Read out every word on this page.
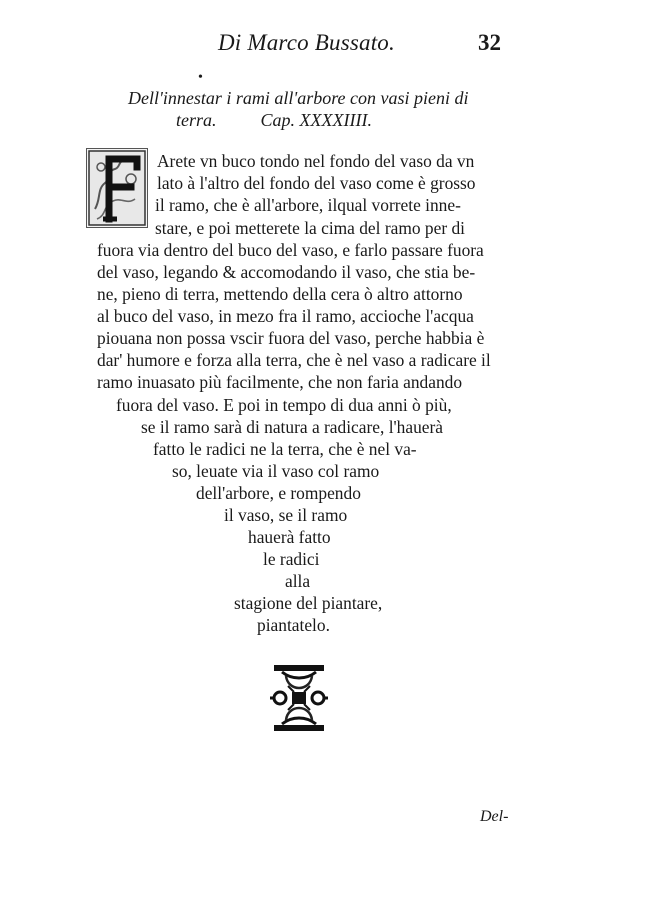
Di Marco Bussato.	32
•
Dell'innestar i rami all'arbore con vasi pieni di
terra. Cap. XXXXIIII.
Arete vn buco tondo nel fondo del vaso da vn
lato à l'altro del fondo del vaso come è grosso
il ramo, che è all'arbore, ilqual vorrete inne-
stare, e poi metterete la cima del ramo per di
fuora via dentro del buco del vaso, e farlo passare fuora
del vaso, legando & accomodando il vaso, che stia be-
ne, pieno di terra, mettendo della cera ò altro attorno
al buco del vaso, in mezo fra il ramo, accioche l'acqua
piouana non possa vscir fuora del vaso, perche habbia è
dar' humore e forza alla terra, che è nel vaso a radicare il
ramo inuasato più facilmente, che non faria andando
fuora del vaso. E poi in tempo di dua anni ò più,
se il ramo sarà di natura a radicare, l'hauerà
fatto le radici ne la terra, che è nel va-
so, leuate via il vaso col ramo
dell'arbore, e rompendo
il vaso, se il ramo
hauerà fatto
le radici
alla
stagione del piantare,
piantatelo.
Del-
